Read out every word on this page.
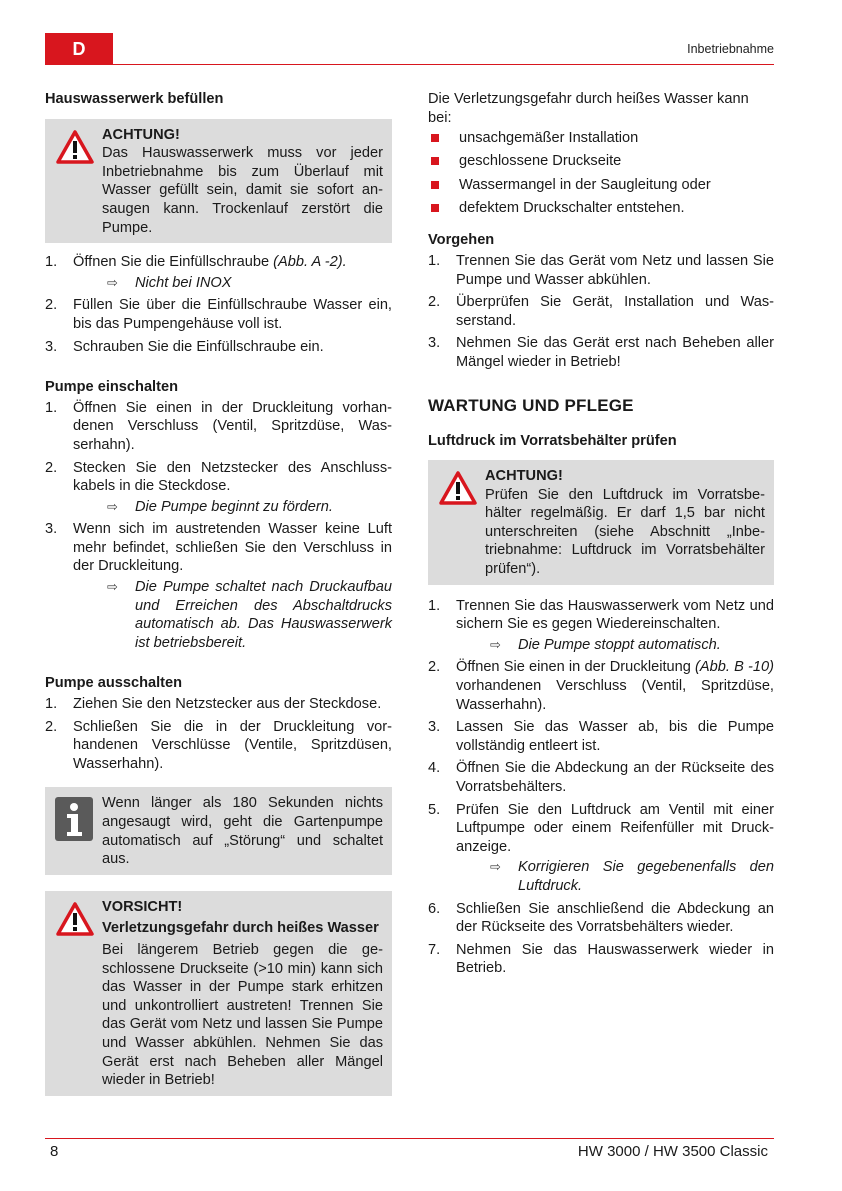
D	Inbetriebnahme
Hauswasserwerk befüllen
ACHTUNG!
Das Hauswasserwerk muss vor jeder Inbetriebnahme bis zum Überlauf mit Wasser gefüllt sein, damit sie sofort ansaugen kann. Trockenlauf zerstört die Pumpe.
1. Öffnen Sie die Einfüllschraube (Abb. A -2).
⇨ Nicht bei INOX
2. Füllen Sie über die Einfüllschraube Wasser ein, bis das Pumpengehäuse voll ist.
3. Schrauben Sie die Einfüllschraube ein.
Pumpe einschalten
1. Öffnen Sie einen in der Druckleitung vorhandenen Verschluss (Ventil, Spritzdüse, Wasserhahn).
2. Stecken Sie den Netzstecker des Anschlusskabels in die Steckdose.
⇨ Die Pumpe beginnt zu fördern.
3. Wenn sich im austretenden Wasser keine Luft mehr befindet, schließen Sie den Verschluss in der Druckleitung.
⇨ Die Pumpe schaltet nach Druckaufbau und Erreichen des Abschaltdrucks automatisch ab. Das Hauswasserwerk ist betriebsbereit.
Pumpe ausschalten
1. Ziehen Sie den Netzstecker aus der Steckdose.
2. Schließen Sie die in der Druckleitung vorhandenen Verschlüsse (Ventile, Spritzdüsen, Wasserhahn).
Wenn länger als 180 Sekunden nichts angesaugt wird, geht die Gartenpumpe automatisch auf „Störung“ und schaltet aus.
VORSICHT!
Verletzungsgefahr durch heißes Wasser
Bei längerem Betrieb gegen die geschlossene Druckseite (>10 min) kann sich das Wasser in der Pumpe stark erhitzen und unkontrolliert austreten! Trennen Sie das Gerät vom Netz und lassen Sie Pumpe und Wasser abkühlen. Nehmen Sie das Gerät erst nach Beheben aller Mängel wieder in Betrieb!

Die Verletzungsgefahr durch heißes Wasser kann bei:

unsachgemäßer Installation
geschlossene Druckseite
Wassermangel in der Saugleitung oder
defektem Druckschalter entstehen.
Vorgehen
1. Trennen Sie das Gerät vom Netz und lassen Sie Pumpe und Wasser abkühlen.
2. Überprüfen Sie Gerät, Installation und Wasserstand.
3. Nehmen Sie das Gerät erst nach Beheben aller Mängel wieder in Betrieb!
WARTUNG UND PFLEGE
Luftdruck im Vorratsbehälter prüfen
ACHTUNG!
Prüfen Sie den Luftdruck im Vorratsbehälter regelmäßig. Er darf 1,5 bar nicht unterschreiten (siehe Abschnitt „Inbetriebnahme: Luftdruck im Vorratsbehälter prüfen“).
1. Trennen Sie das Hauswasserwerk vom Netz und sichern Sie es gegen Wiedereinschalten.
⇨ Die Pumpe stoppt automatisch.
2. Öffnen Sie einen in der Druckleitung (Abb. B -10) vorhandenen Verschluss (Ventil, Spritzdüse, Wasserhahn).
3. Lassen Sie das Wasser ab, bis die Pumpe vollständig entleert ist.
4. Öffnen Sie die Abdeckung an der Rückseite des Vorratsbehälters.
5. Prüfen Sie den Luftdruck am Ventil mit einer Luftpumpe oder einem Reifenfüller mit Druckanzeige.
⇨ Korrigieren Sie gegebenenfalls den Luftdruck.
6. Schließen Sie anschließend die Abdeckung an der Rückseite des Vorratsbehälters wieder.
7. Nehmen Sie das Hauswasserwerk wieder in Betrieb.
8	HW 3000 / HW 3500 Classic
